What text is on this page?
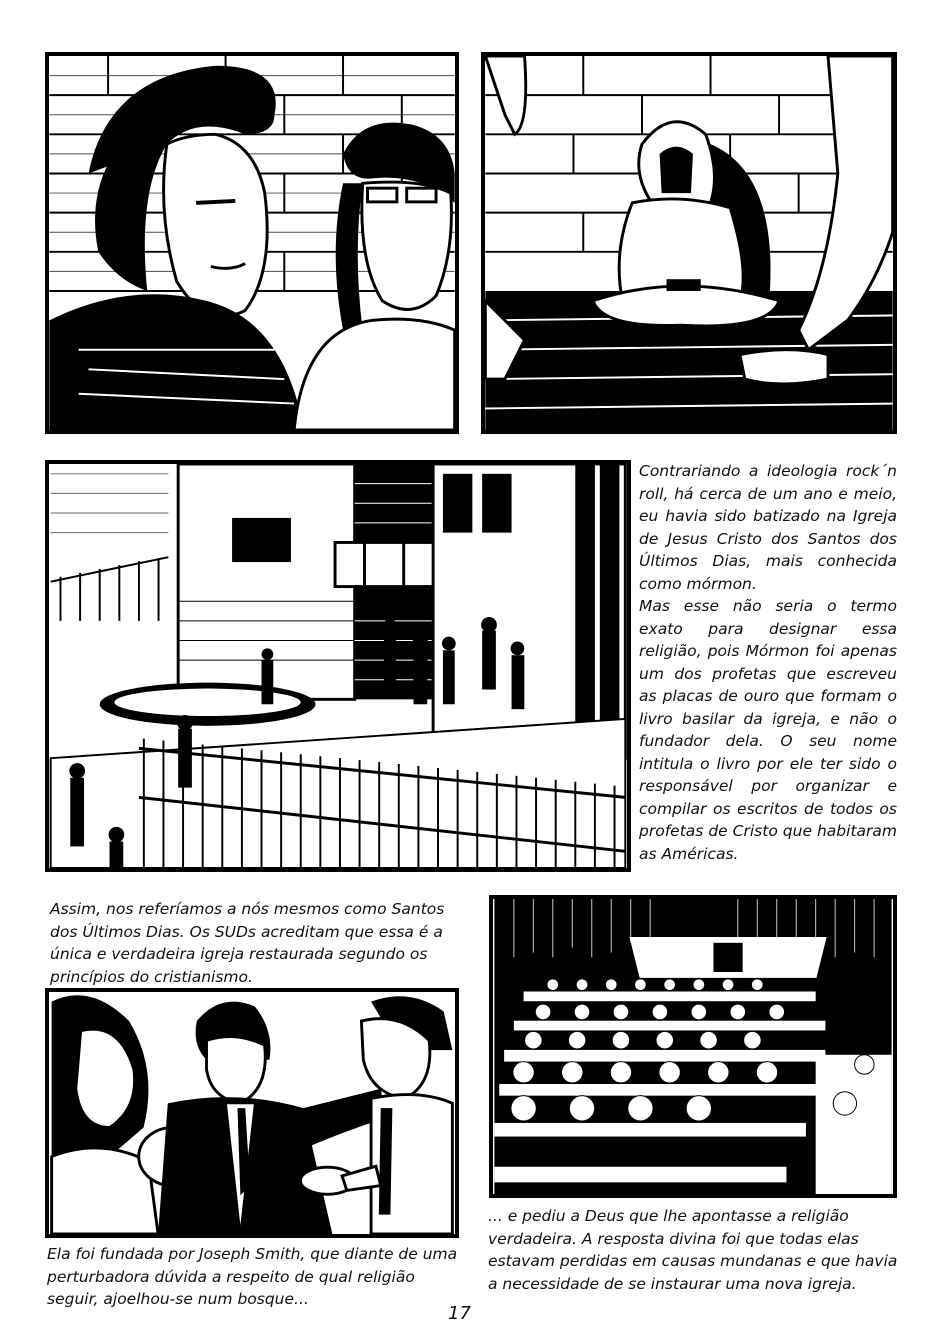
Contrariando a ideologia rock´n roll, há cerca de um ano e meio, eu havia sido batizado na Igreja de Jesus Cristo dos Santos dos Últimos Dias, mais conhecida como mórmon.

Mas esse não seria o termo exato para designar essa religião, pois Mórmon foi apenas um dos profetas que escreveu as placas de ouro que formam o livro basilar da igreja, e não o fundador dela. O seu nome intitula o livro por ele ter sido o responsável por organizar e compilar os escritos de todos os profetas de Cristo que habitaram as Américas.

Assim, nos referíamos a nós mesmos como Santos dos Últimos Dias. Os SUDs acreditam que essa é a única e verdadeira igreja restaurada segundo os princípios do cristianismo.

Ela foi fundada por Joseph Smith, que diante de uma perturbadora dúvida a respeito de qual religião seguir, ajoelhou-se num bosque...

... e pediu a Deus que lhe apontasse a religião verdadeira. A resposta divina foi que todas elas estavam perdidas em causas mundanas e que havia a necessidade de se instaurar uma nova igreja.

17
